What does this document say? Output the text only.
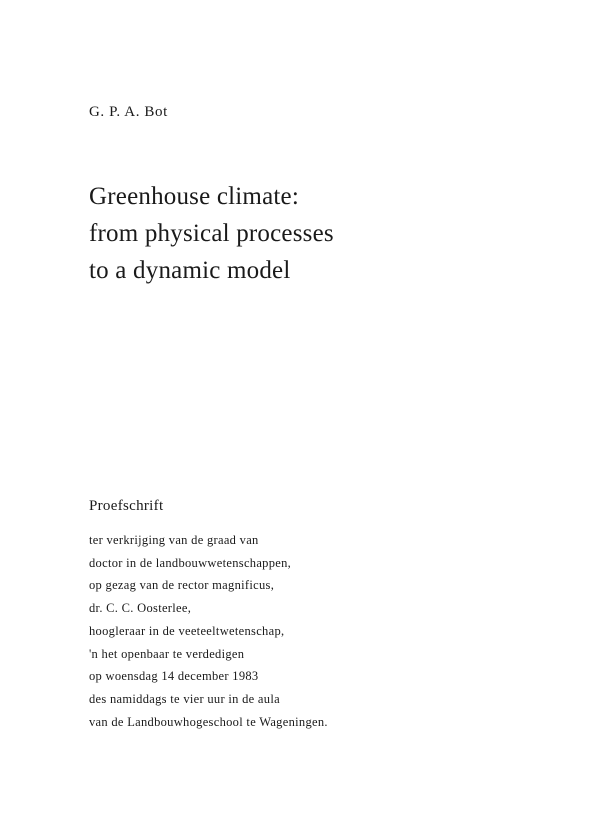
G. P. A. Bot

Greenhouse climate:
from physical processes
to a dynamic model

Proefschrift

ter verkrijging van de graad van
doctor in de landbouwwetenschappen,
op gezag van de rector magnificus,
dr. C. C. Oosterlee,
hoogleraar in de veeteeltwetenschap,
'n het openbaar te verdedigen
op woensdag 14 december 1983
des namiddags te vier uur in de aula
van de Landbouwhogeschool te Wageningen.
